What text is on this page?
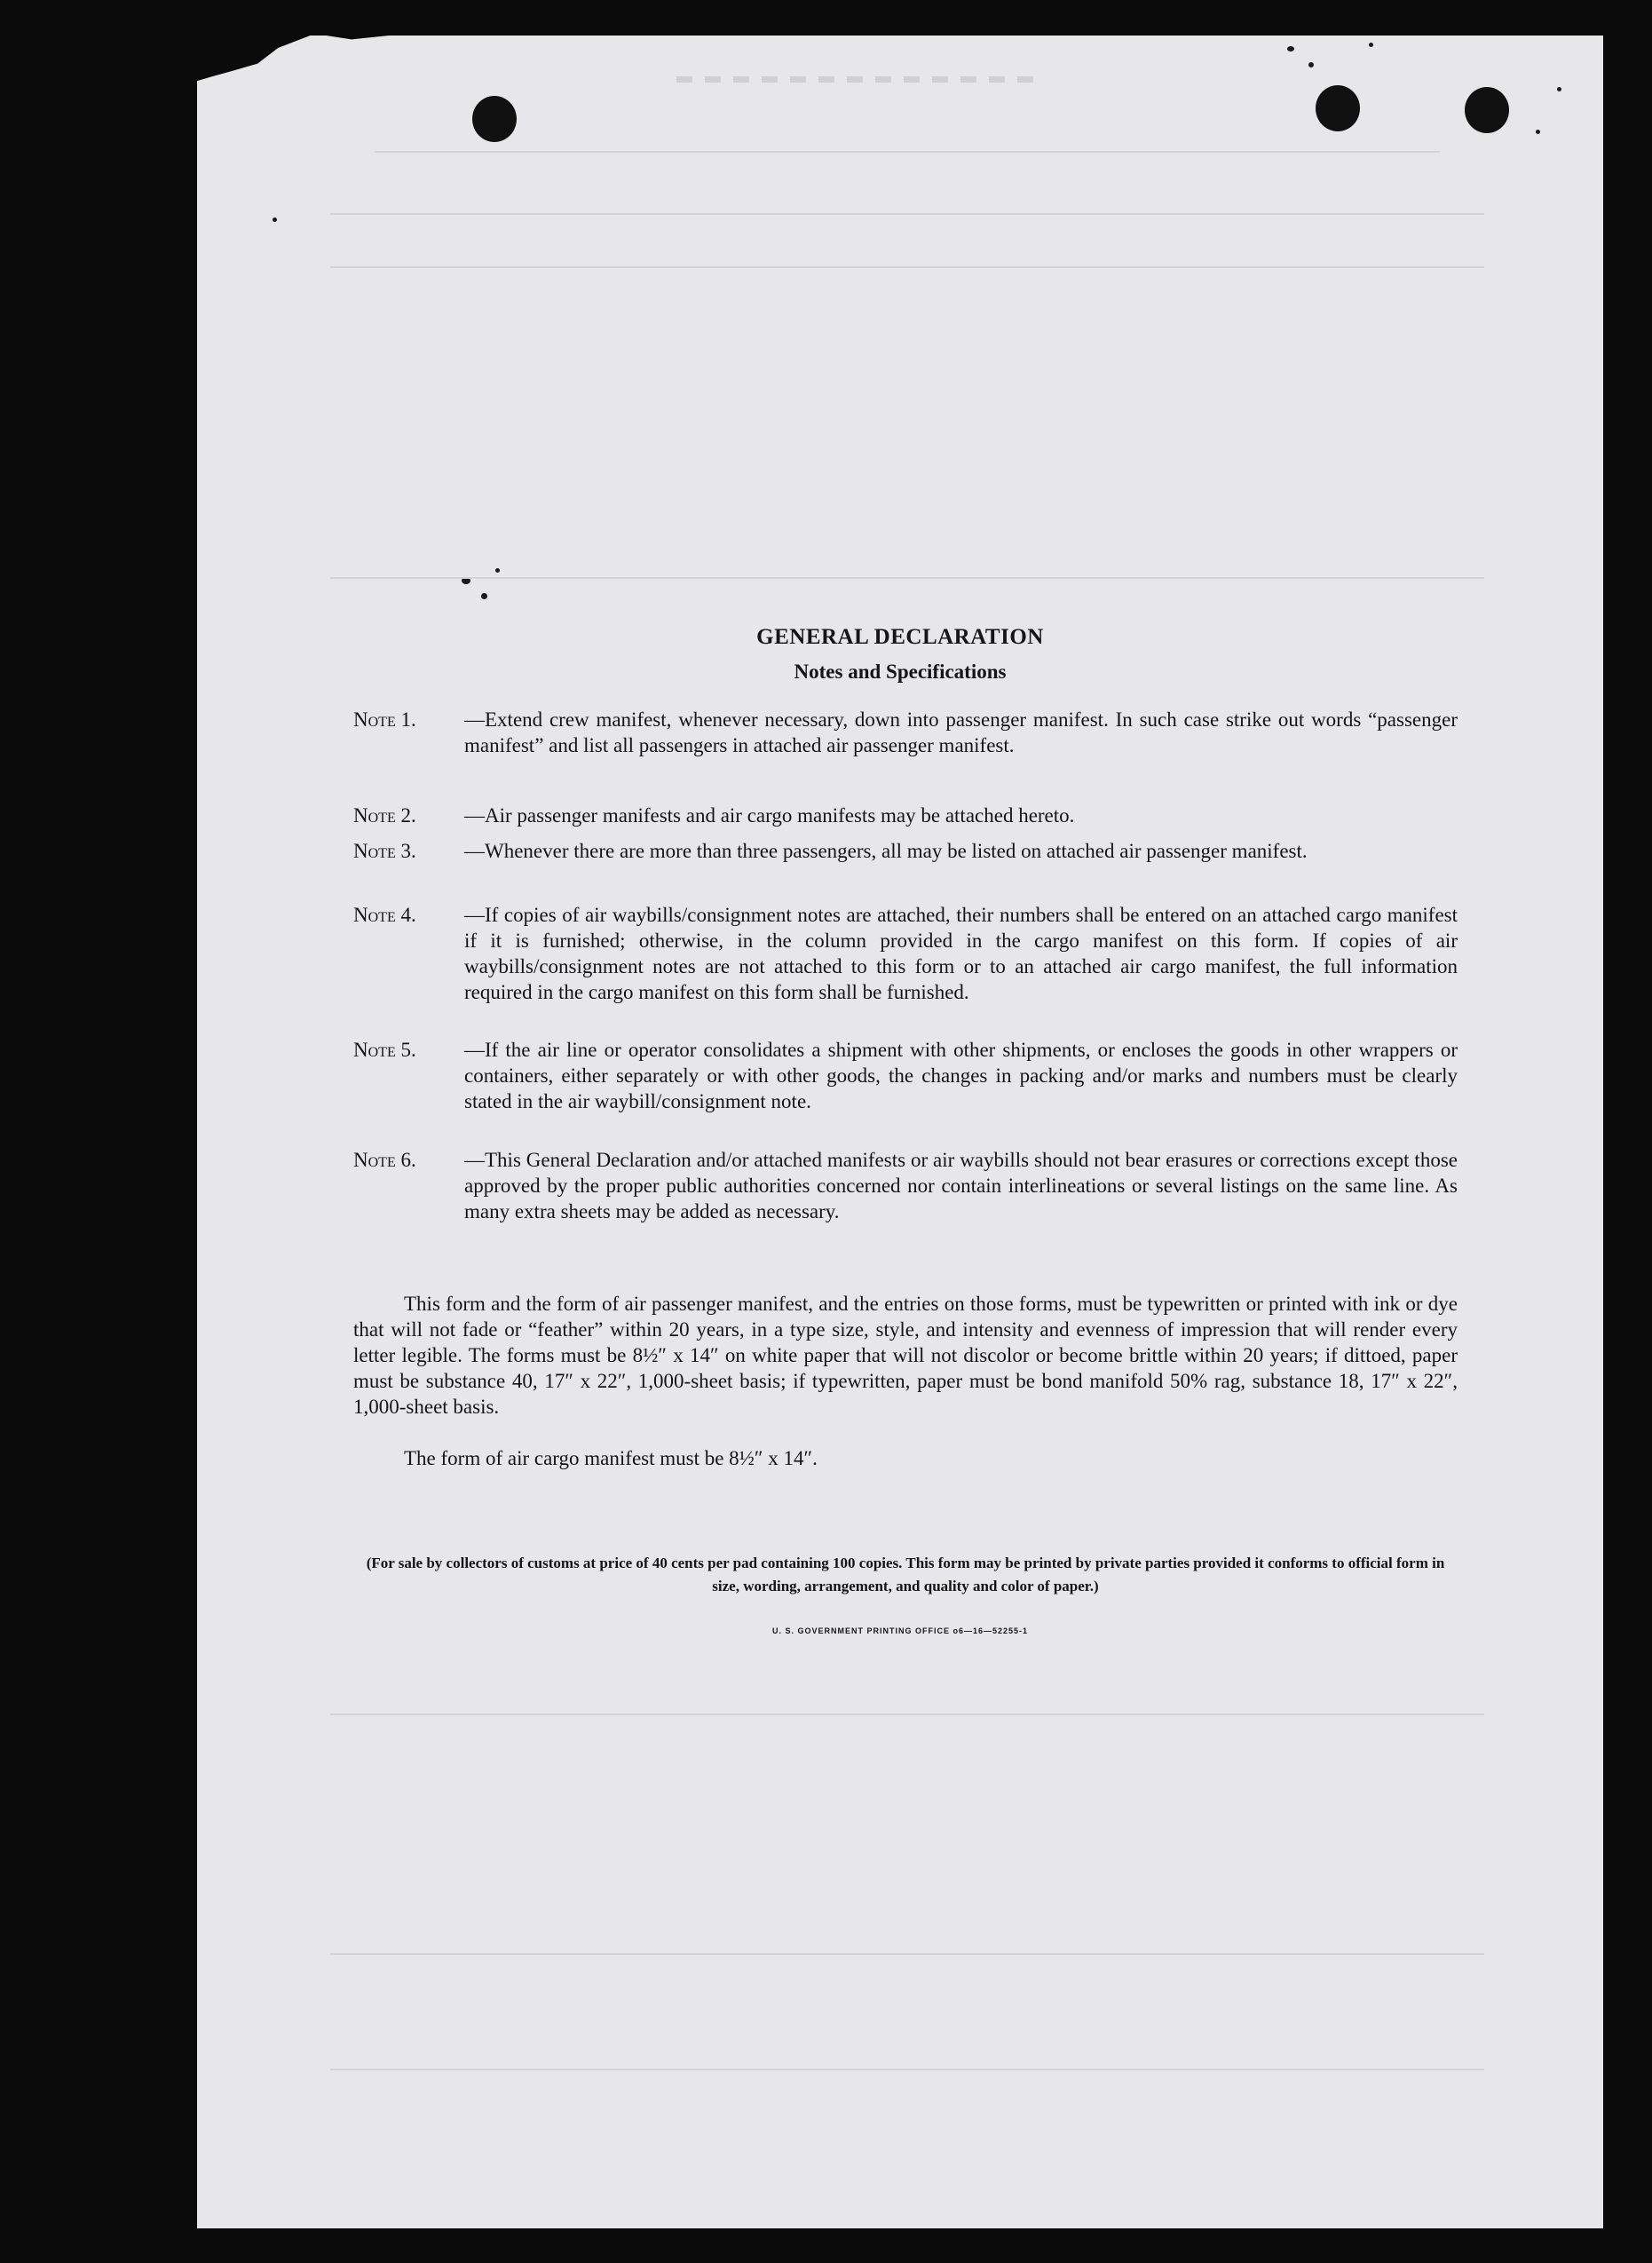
▬▬▬▬▬▬▬▬▬▬▬▬▬
GENERAL DECLARATION
Notes and Specifications
Note 1.	—Extend crew manifest, whenever necessary, down into passenger manifest. In such case strike out words “passenger manifest” and list all passengers in attached air passenger manifest.
Note 2.	—Air passenger manifests and air cargo manifests may be attached hereto.
Note 3.	—Whenever there are more than three passengers, all may be listed on attached air passenger manifest.
Note 4.	—If copies of air waybills/consignment notes are attached, their numbers shall be entered on an attached cargo manifest if it is furnished; otherwise, in the column provided in the cargo manifest on this form. If copies of air waybills/consignment notes are not attached to this form or to an attached air cargo manifest, the full information required in the cargo manifest on this form shall be furnished.
Note 5.	—If the air line or operator consolidates a shipment with other shipments, or encloses the goods in other wrappers or containers, either separately or with other goods, the changes in packing and/or marks and numbers must be clearly stated in the air waybill/consignment note.
Note 6.	—This General Declaration and/or attached manifests or air waybills should not bear erasures or corrections except those approved by the proper public authorities concerned nor contain interlineations or several listings on the same line. As many extra sheets may be added as necessary.
This form and the form of air passenger manifest, and the entries on those forms, must be typewritten or printed with ink or dye that will not fade or “feather” within 20 years, in a type size, style, and intensity and evenness of impression that will render every letter legible. The forms must be 8½″ x 14″ on white paper that will not discolor or become brittle within 20 years; if dittoed, paper must be substance 40, 17″ x 22″, 1,000-sheet basis; if typewritten, paper must be bond manifold 50% rag, substance 18, 17″ x 22″, 1,000-sheet basis.
The form of air cargo manifest must be 8½″ x 14″.
(For sale by collectors of customs at price of 40 cents per pad containing 100 copies. This form may be printed by private parties provided it conforms to official form in size, wording, arrangement, and quality and color of paper.)
U. S. GOVERNMENT PRINTING OFFICE o6—16—52255-1
